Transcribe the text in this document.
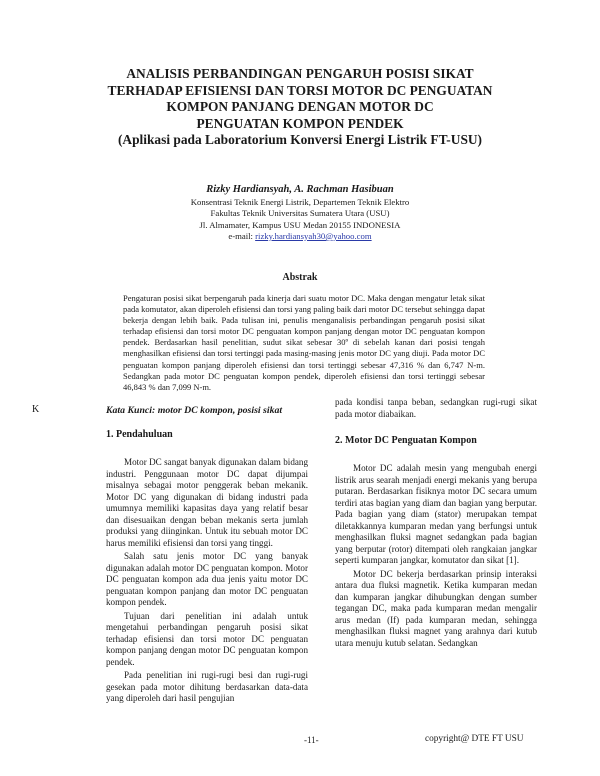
ANALISIS PERBANDINGAN PENGARUH POSISI SIKAT
TERHADAP EFISIENSI DAN TORSI MOTOR DC PENGUATAN
KOMPON PANJANG DENGAN MOTOR DC
PENGUATAN KOMPON PENDEK
(Aplikasi pada Laboratorium Konversi Energi Listrik FT-USU)
Rizky Hardiansyah, A. Rachman Hasibuan
Konsentrasi Teknik Energi Listrik, Departemen Teknik Elektro
Fakultas Teknik Universitas Sumatera Utara (USU)
Jl. Almamater, Kampus USU Medan 20155 INDONESIA
e-mail: rizky.hardiansyah30@yahoo.com
Abstrak

Pengaturan posisi sikat berpengaruh pada kinerja dari suatu motor DC. Maka dengan mengatur letak sikat pada komutator, akan diperoleh efisiensi dan torsi yang paling baik dari motor DC tersebut sehingga dapat bekerja dengan lebih baik. Pada tulisan ini, penulis menganalisis perbandingan pengaruh posisi sikat terhadap efisiensi dan torsi motor DC penguatan kompon panjang dengan motor DC penguatan kompon pendek. Berdasarkan hasil penelitian, sudut sikat sebesar 30º di sebelah kanan dari posisi tengah menghasilkan efisiensi dan torsi tertinggi pada masing-masing jenis motor DC yang diuji. Pada motor DC penguatan kompon panjang diperoleh efisiensi dan torsi tertinggi sebesar 47,316 % dan 6,747 N-m. Sedangkan pada motor DC penguatan kompon pendek, diperoleh efisiensi dan torsi tertinggi sebesar 46,843 % dan 7,099 N-m.

K	Kata Kunci: motor DC kompon, posisi sikat

1. Pendahuluan

Motor DC sangat banyak digunakan dalam bidang industri. Penggunaan motor DC dapat dijumpai misalnya sebagai motor penggerak beban mekanik. Motor DC yang digunakan di bidang industri pada umumnya memiliki kapasitas daya yang relatif besar dan disesuaikan dengan beban mekanis serta jumlah produksi yang diinginkan. Untuk itu sebuah motor DC harus memiliki efisiensi dan torsi yang tinggi.

Salah satu jenis motor DC yang banyak digunakan adalah motor DC penguatan kompon. Motor DC penguatan kompon ada dua jenis yaitu motor DC penguatan kompon panjang dan motor DC penguatan kompon pendek.

Tujuan dari penelitian ini adalah untuk mengetahui perbandingan pengaruh posisi sikat terhadap efisiensi dan torsi motor DC penguatan kompon panjang dengan motor DC penguatan kompon pendek.

Pada penelitian ini rugi-rugi besi dan rugi-rugi gesekan pada motor dihitung berdasarkan data-data yang diperoleh dari hasil pengujian

pada kondisi tanpa beban, sedangkan rugi-rugi sikat pada motor diabaikan.

2. Motor DC Penguatan Kompon

Motor DC adalah mesin yang mengubah energi listrik arus searah menjadi energi mekanis yang berupa putaran. Berdasarkan fisiknya motor DC secara umum terdiri atas bagian yang diam dan bagian yang berputar. Pada bagian yang diam (stator) merupakan tempat diletakkannya kumparan medan yang berfungsi untuk menghasilkan fluksi magnet sedangkan pada bagian yang berputar (rotor) ditempati oleh rangkaian jangkar seperti kumparan jangkar, komutator dan sikat [1].

Motor DC bekerja berdasarkan prinsip interaksi antara dua fluksi magnetik. Ketika kumparan medan dan kumparan jangkar dihubungkan dengan sumber tegangan DC, maka pada kumparan medan mengalir arus medan (If) pada kumparan medan, sehingga menghasilkan fluksi magnet yang arahnya dari kutub utara menuju kutub selatan. Sedangkan

-11-	copyright@ DTE FT USU
